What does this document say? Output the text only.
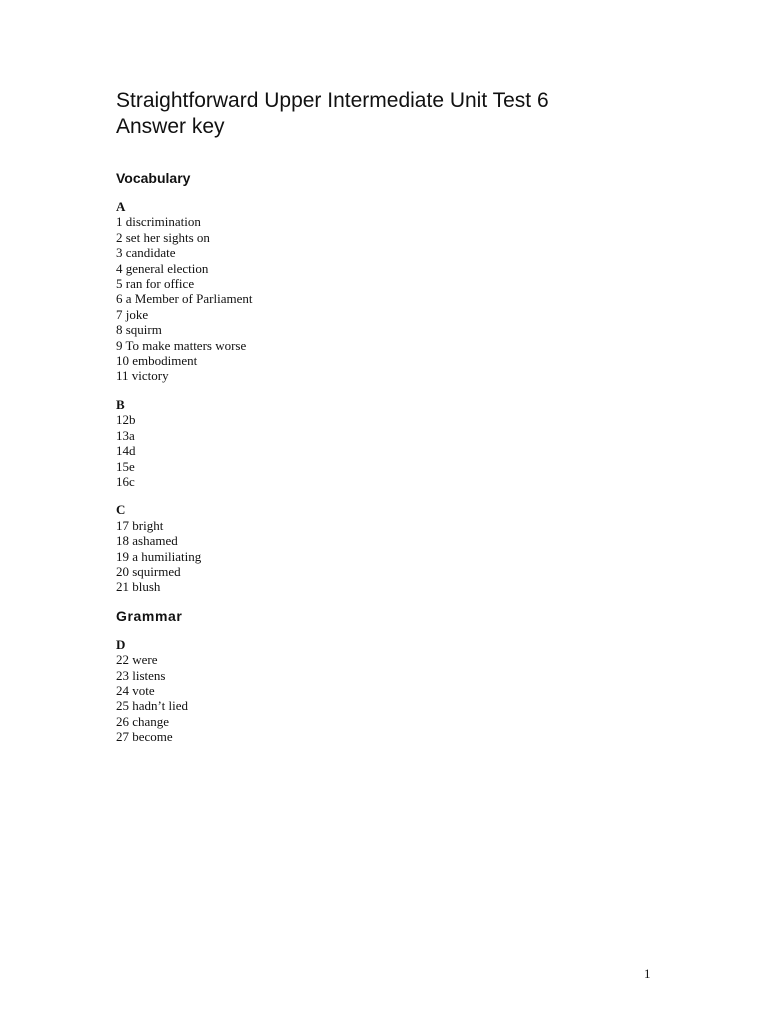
Straightforward Upper Intermediate Unit Test 6
Answer key
Vocabulary
A
1 discrimination
2 set her sights on
3 candidate
4 general election
5 ran for office
6 a Member of Parliament
7 joke
8 squirm
9 To make matters worse
10 embodiment
11 victory
B
12b
13a
14d
15e
16c
C
17 bright
18 ashamed
19 a humiliating
20 squirmed
21 blush
Grammar
D
22 were
23 listens
24 vote
25 hadn’t lied
26 change
27 become
1
